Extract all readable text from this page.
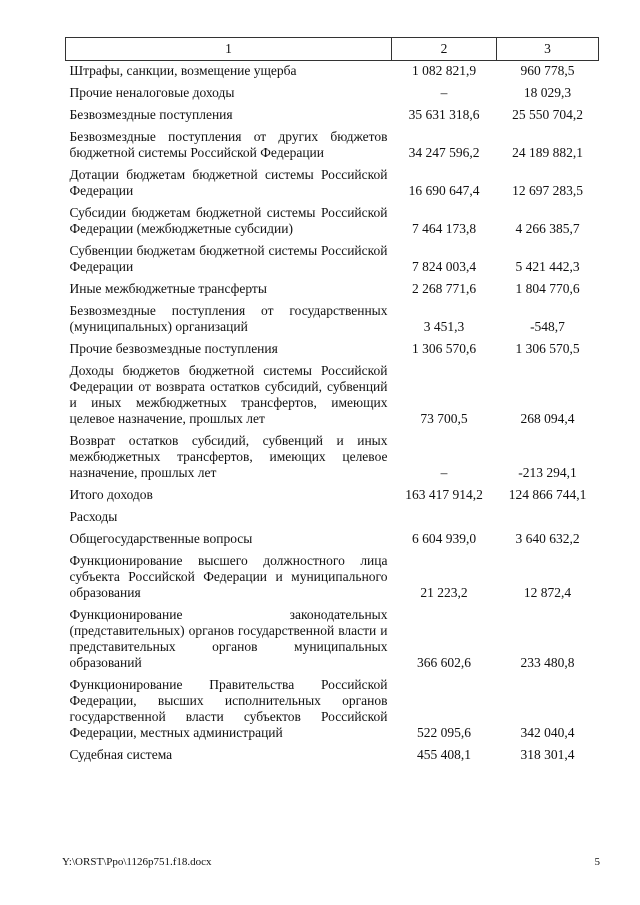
1	2	3
Штрафы, санкции, возмещение ущерба	1 082 821,9	960 778,5
Прочие неналоговые доходы	–	18 029,3
Безвозмездные поступления	35 631 318,6	25 550 704,2
Безвозмездные поступления от других бюджетов бюджетной системы Российской Федерации	34 247 596,2	24 189 882,1
Дотации бюджетам бюджетной системы Российской Федерации	16 690 647,4	12 697 283,5
Субсидии бюджетам бюджетной системы Российской Федерации (межбюджетные субсидии)	7 464 173,8	4 266 385,7
Субвенции бюджетам бюджетной системы Российской Федерации	7 824 003,4	5 421 442,3
Иные межбюджетные трансферты	2 268 771,6	1 804 770,6
Безвозмездные поступления от государственных (муниципальных) организаций	3 451,3	-548,7
Прочие безвозмездные поступления	1 306 570,6	1 306 570,5
Доходы бюджетов бюджетной системы Российской Федерации от возврата остатков субсидий, субвенций и иных межбюджетных трансфертов, имеющих целевое назначение, прошлых лет	73 700,5	268 094,4
Возврат остатков субсидий, субвенций и иных межбюджетных трансфертов, имеющих целевое назначение, прошлых лет	–	-213 294,1
Итого доходов	163 417 914,2	124 866 744,1
Расходы		
Общегосударственные вопросы	6 604 939,0	3 640 632,2
Функционирование высшего должностного лица субъекта Российской Федерации и муниципального образования	21 223,2	12 872,4
Функционирование законодательных (представительных) органов государственной власти и представительных органов муниципальных образований	366 602,6	233 480,8
Функционирование Правительства Российской Федерации, высших исполнительных органов государственной власти субъектов Российской Федерации, местных администраций	522 095,6	342 040,4
Судебная система	455 408,1	318 301,4
Y:\ORST\Ppo\1126p751.f18.docx	5
